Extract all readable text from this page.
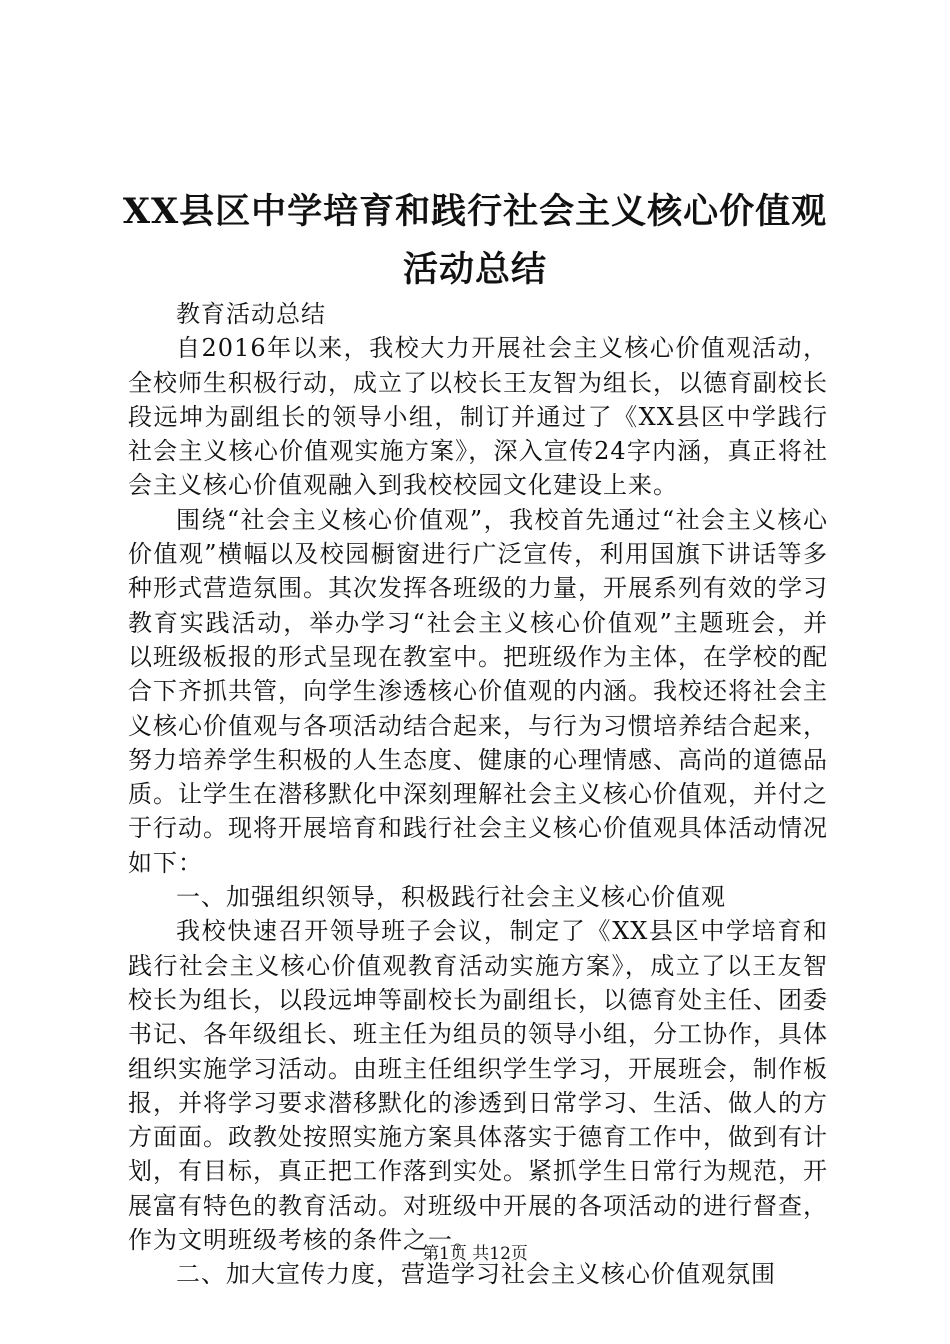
XX县区中学培育和践行社会主义核心价值观
活动总结

教育活动总结

自2016年以来，我校大力开展社会主义核心价值观活动，全校师生积极行动，成立了以校长王友智为组长，以德育副校长段远坤为副组长的领导小组，制订并通过了《XX县区中学践行社会主义核心价值观实施方案》，深入宣传24字内涵，真正将社会主义核心价值观融入到我校校园文化建设上来。

围绕“社会主义核心价值观”，我校首先通过“社会主义核心价值观”横幅以及校园橱窗进行广泛宣传，利用国旗下讲话等多种形式营造氛围。其次发挥各班级的力量，开展系列有效的学习教育实践活动，举办学习“社会主义核心价值观”主题班会，并以班级板报的形式呈现在教室中。把班级作为主体，在学校的配合下齐抓共管，向学生渗透核心价值观的内涵。我校还将社会主义核心价值观与各项活动结合起来，与行为习惯培养结合起来，努力培养学生积极的人生态度、健康的心理情感、高尚的道德品质。让学生在潜移默化中深刻理解社会主义核心价值观，并付之于行动。现将开展培育和践行社会主义核心价值观具体活动情况如下：

一、加强组织领导，积极践行社会主义核心价值观

我校快速召开领导班子会议，制定了《XX县区中学培育和践行社会主义核心价值观教育活动实施方案》，成立了以王友智校长为组长，以段远坤等副校长为副组长，以德育处主任、团委书记、各年级组长、班主任为组员的领导小组，分工协作，具体组织实施学习活动。由班主任组织学生学习，开展班会，制作板报，并将学习要求潜移默化的渗透到日常学习、生活、做人的方方面面。政教处按照实施方案具体落实于德育工作中，做到有计划，有目标，真正把工作落到实处。紧抓学生日常行为规范，开展富有特色的教育活动。对班级中开展的各项活动的进行督查，作为文明班级考核的条件之一。

二、加大宣传力度，营造学习社会主义核心价值观氛围

第1页 共12页
